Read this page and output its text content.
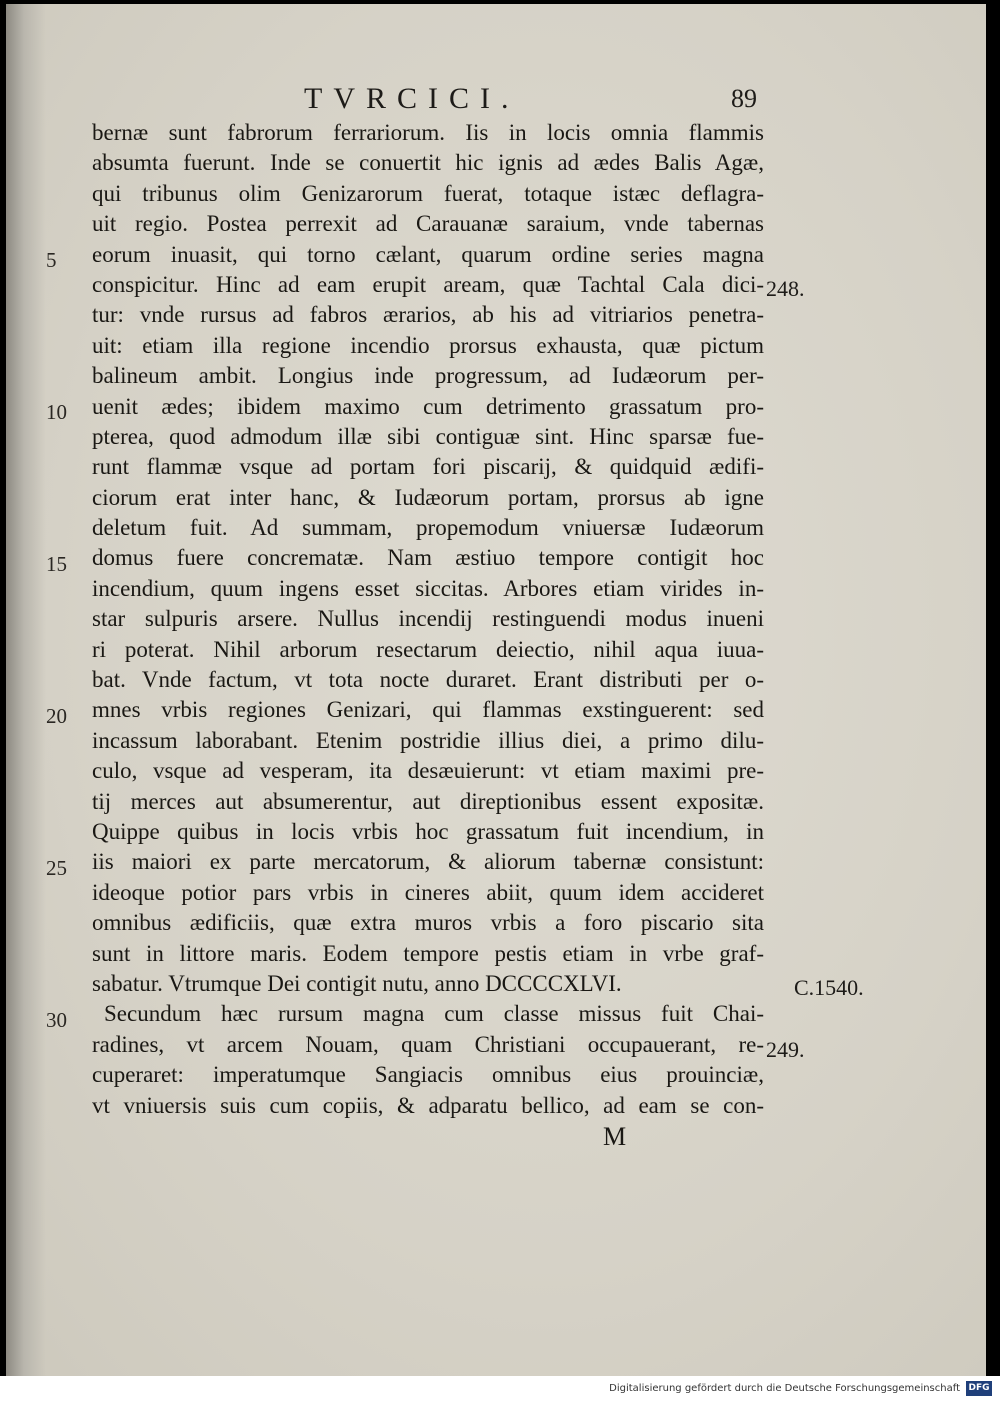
TVRCICI.	89
bernæ sunt fabrorum ferrariorum. Iis in locis omnia flammis
absumta fuerunt. Inde se conuertit hic ignis ad ædes Balis Agæ,
qui tribunus olim Genizarorum fuerat, totaque istæc deflagra-
uit regio. Postea perrexit ad Carauanæ saraium, vnde tabernas
eorum inuasit, qui torno cælant, quarum ordine series magna
conspicitur. Hinc ad eam erupit aream, quæ Tachtal Cala dici-
tur: vnde rursus ad fabros ærarios, ab his ad vitriarios penetra-
uit: etiam illa regione incendio prorsus exhausta, quæ pictum
balineum ambit. Longius inde progressum, ad Iudæorum per-
uenit ædes; ibidem maximo cum detrimento grassatum pro-
pterea, quod admodum illæ sibi contiguæ sint. Hinc sparsæ fue-
runt flammæ vsque ad portam fori piscarij, & quidquid ædifi-
ciorum erat inter hanc, & Iudæorum portam, prorsus ab igne
deletum fuit. Ad summam, propemodum vniuersæ Iudæorum
domus fuere concrematæ. Nam æstiuo tempore contigit hoc
incendium, quum ingens esset siccitas. Arbores etiam virides in-
star sulpuris arsere. Nullus incendij restinguendi modus inueni
ri poterat. Nihil arborum resectarum deiectio, nihil aqua iuua-
bat. Vnde factum, vt tota nocte duraret. Erant distributi per o-
mnes vrbis regiones Genizari, qui flammas exstinguerent: sed
incassum laborabant. Etenim postridie illius diei, a primo dilu-
culo, vsque ad vesperam, ita desæuierunt: vt etiam maximi pre-
tij merces aut absumerentur, aut direptionibus essent expositæ.
Quippe quibus in locis vrbis hoc grassatum fuit incendium, in
iis maiori ex parte mercatorum, & aliorum tabernæ consistunt:
ideoque potior pars vrbis in cineres abiit, quum idem accideret
omnibus ædificiis, quæ extra muros vrbis a foro piscario sita
sunt in littore maris. Eodem tempore pestis etiam in vrbe graf-
sabatur. Vtrumque Dei contigit nutu, anno DCCCCXLVI.
Secundum hæc rursum magna cum classe missus fuit Chai-
radines, vt arcem Nouam, quam Christiani occupauerant, re-
cuperaret: imperatumque Sangiacis omnibus eius prouinciæ,
vt vniuersis suis cum copiis, & adparatu bellico, ad eam se con-
5
10
15
20
25
30
248.
C.1540.
249.
M
Digitalisierung gefördert durch die Deutsche Forschungsgemeinschaft DFG
